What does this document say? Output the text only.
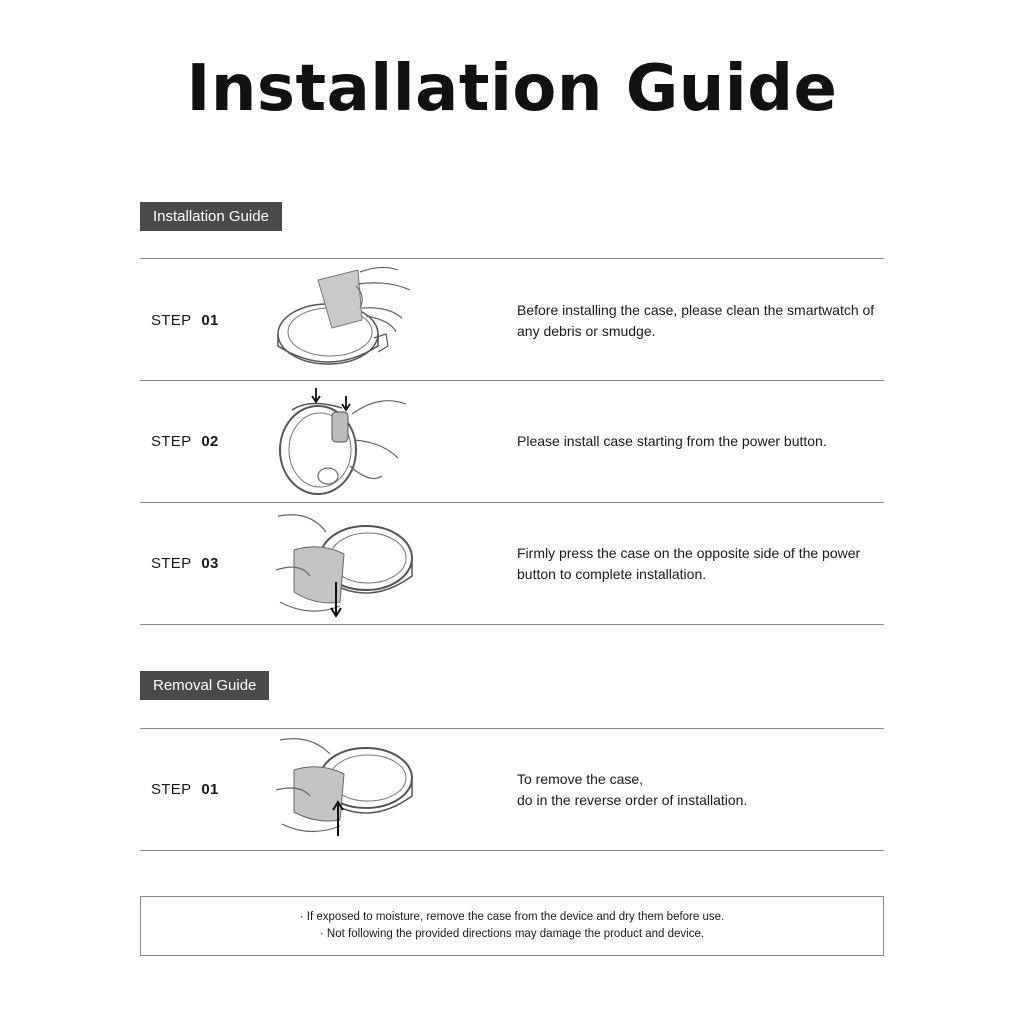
Installation Guide
Installation Guide
STEP 01
Before installing the case, please clean the smartwatch of any debris or smudge.
STEP 02	Please install case starting from the power button.
STEP 03
Firmly press the case on the opposite side of the power button to complete installation.
Removal Guide
STEP 01
To remove the case,
do in the reverse order of installation.
· If exposed to moisture, remove the case from the device and dry them before use.
· Not following the provided directions may damage the product and device.
